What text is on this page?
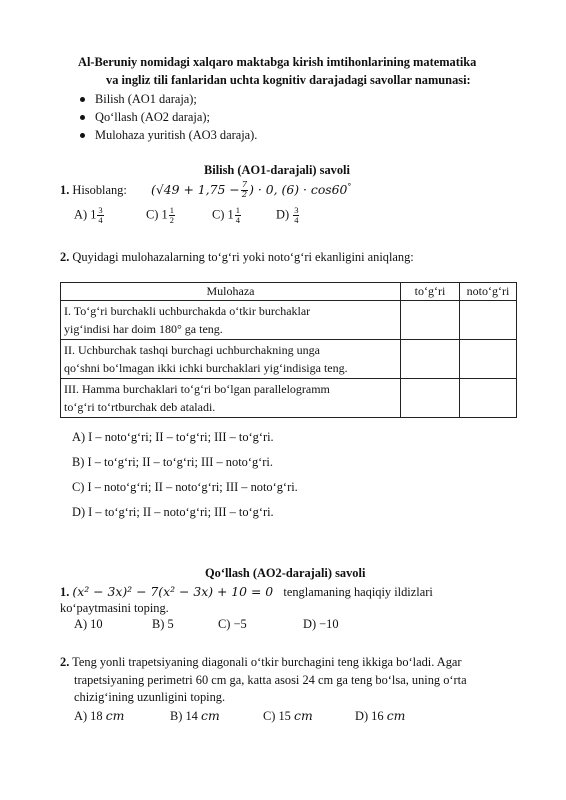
Al-Beruniy nomidagi xalqaro maktabga kirish imtihonlarining matematika
va ingliz tili fanlaridan uchta kognitiv darajadagi savollar namunasi:
Bilish (AO1 daraja);
Qo‘llash (AO2 daraja);
Mulohaza yuritish (AO3 daraja).
Bilish (AO1-darajali) savoli
1. Hisoblang: ($√49 + 1,75 - \frac{7}{2}$ ) · 0, (6) · cos60°
A) $1 \frac{3}{4}$	C) $1 \frac{1}{2}$	C) $1 \frac{1}{4}$	$D) \frac{3}{4}$
2. Quyidagi mulohazalarning to‘g‘ri yoki noto‘g‘ri ekanligini aniqlang:
Mulohaza	to‘g‘ri	noto‘g‘ri

I. To‘g‘ri burchakli uchburchakda o‘tkir burchaklar
yig‘indisi har doim 180° ga teng.		

II. Uchburchak tashqi burchagi uchburchakning unga
qo‘shni bo‘lmagan ikki ichki burchaklari yig‘indisiga teng.		

III. Hamma burchaklari to‘g‘ri bo‘lgan parallelogramm
to‘g‘ri to‘rtburchak deb ataladi.		

A) I – noto‘g‘ri; II – to‘g‘ri; III – to‘g‘ri.
B) I – to‘g‘ri; II – to‘g‘ri; III – noto‘g‘ri.
C) I – noto‘g‘ri; II – noto‘g‘ri; III – noto‘g‘ri.
D) I – to‘g‘ri; II – noto‘g‘ri; III – to‘g‘ri.
Qo‘llash (AO2-darajali) savoli
1. (x² − 3x)² − 7(x² − 3x) + 10 = 0 tenglamaning haqiqiy ildizlari
ko‘paytmasini toping.
A) 10	B) 5	C) −5	D) −10
2. Teng yonli trapetsiyaning diagonali o‘tkir burchagini teng ikkiga bo‘ladi. Agar
trapetsiyaning perimetri 60 cm ga, katta asosi 24 cm ga teng bo‘lsa, uning o‘rta
chizig‘ining uzunligini toping.
A) 18 cm	B) 14 cm	C) 15 cm	D) 16 cm
